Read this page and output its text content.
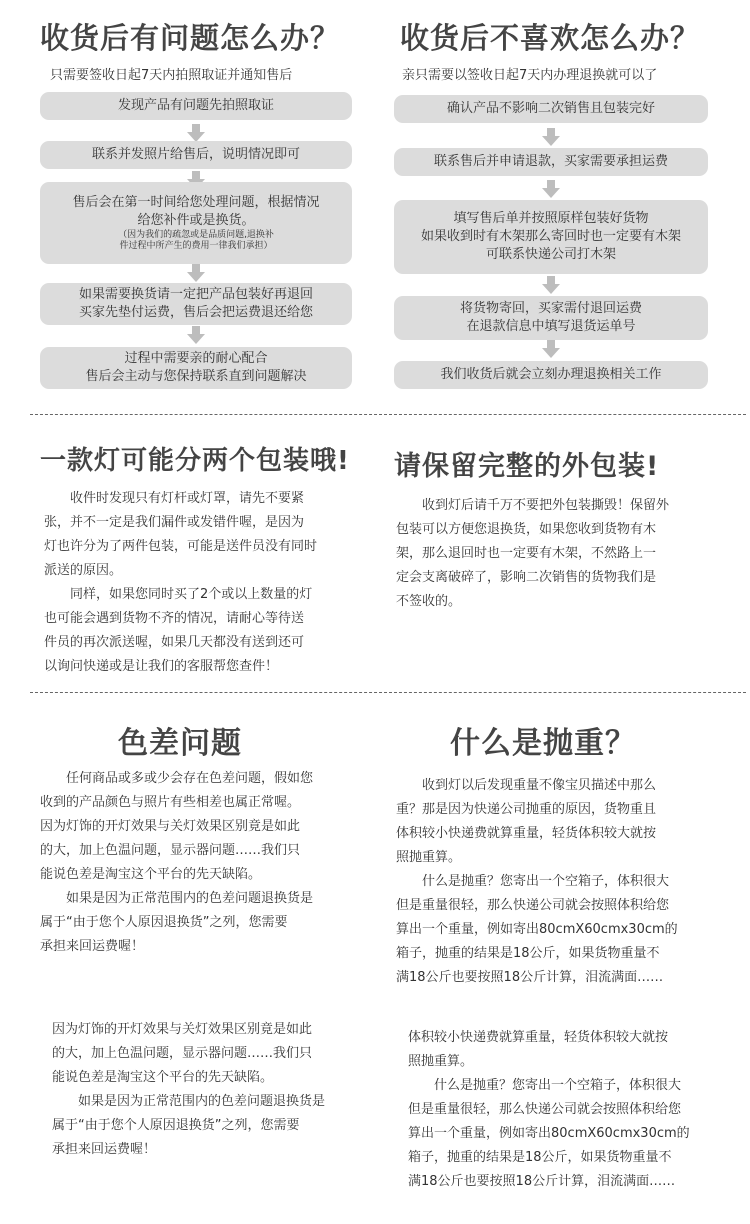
收货后有问题怎么办？
只需要签收日起7天内拍照取证并通知售后
发现产品有问题先拍照取证
联系并发照片给售后，说明情况即可
售后会在第一时间给您处理问题，根据情况
给您补件或是换货。
（因为我们的疏忽或是品质问题,退换补
件过程中所产生的费用一律我们承担）
如果需要换货请一定把产品包装好再退回
买家先垫付运费，售后会把运费退还给您
过程中需要亲的耐心配合
售后会主动与您保持联系直到问题解决
收货后不喜欢怎么办？
亲只需要以签收日起7天内办理退换就可以了
确认产品不影响二次销售且包装完好
联系售后并申请退款，买家需要承担运费
填写售后单并按照原样包装好货物
如果收到时有木架那么寄回时也一定要有木架
可联系快递公司打木架
将货物寄回，买家需付退回运费
在退款信息中填写退货运单号
我们收货后就会立刻办理退换相关工作
一款灯可能分两个包装哦!

收件时发现只有灯杆或灯罩，请先不要紧

张，并不一定是我们漏件或发错件喔，是因为

灯也许分为了两件包装，可能是送件员没有同时

派送的原因。

同样，如果您同时买了2个或以上数量的灯

也可能会遇到货物不齐的情况，请耐心等待送

件员的再次派送喔，如果几天都没有送到还可

以询问快递或是让我们的客服帮您查件！

请保留完整的外包装!

收到灯后请千万不要把外包装撕毁！保留外

包装可以方便您退换货，如果您收到货物有木

架，那么退回时也一定要有木架，不然路上一

定会支离破碎了，影响二次销售的货物我们是

不签收的。

色差问题

任何商品或多或少会存在色差问题，假如您

收到的产品颜色与照片有些相差也属正常喔。

因为灯饰的开灯效果与关灯效果区别竟是如此

的大，加上色温问题，显示器问题……我们只

能说色差是淘宝这个平台的先天缺陷。

如果是因为正常范围内的色差问题退换货是

属于“由于您个人原因退换货”之列，您需要

承担来回运费喔！

因为灯饰的开灯效果与关灯效果区别竟是如此

的大，加上色温问题，显示器问题……我们只

能说色差是淘宝这个平台的先天缺陷。

如果是因为正常范围内的色差问题退换货是

属于“由于您个人原因退换货”之列，您需要

承担来回运费喔！

什么是抛重？

收到灯以后发现重量不像宝贝描述中那么

重？那是因为快递公司抛重的原因，货物重且

体积较小快递费就算重量，轻货体积较大就按

照抛重算。

什么是抛重？您寄出一个空箱子，体积很大

但是重量很轻，那么快递公司就会按照体积给您

算出一个重量，例如寄出80cmX60cmx30cm的

箱子，抛重的结果是18公斤，如果货物重量不

满18公斤也要按照18公斤计算，泪流满面……

体积较小快递费就算重量，轻货体积较大就按

照抛重算。

什么是抛重？您寄出一个空箱子，体积很大

但是重量很轻，那么快递公司就会按照体积给您

算出一个重量，例如寄出80cmX60cmx30cm的

箱子，抛重的结果是18公斤，如果货物重量不

满18公斤也要按照18公斤计算，泪流满面……
